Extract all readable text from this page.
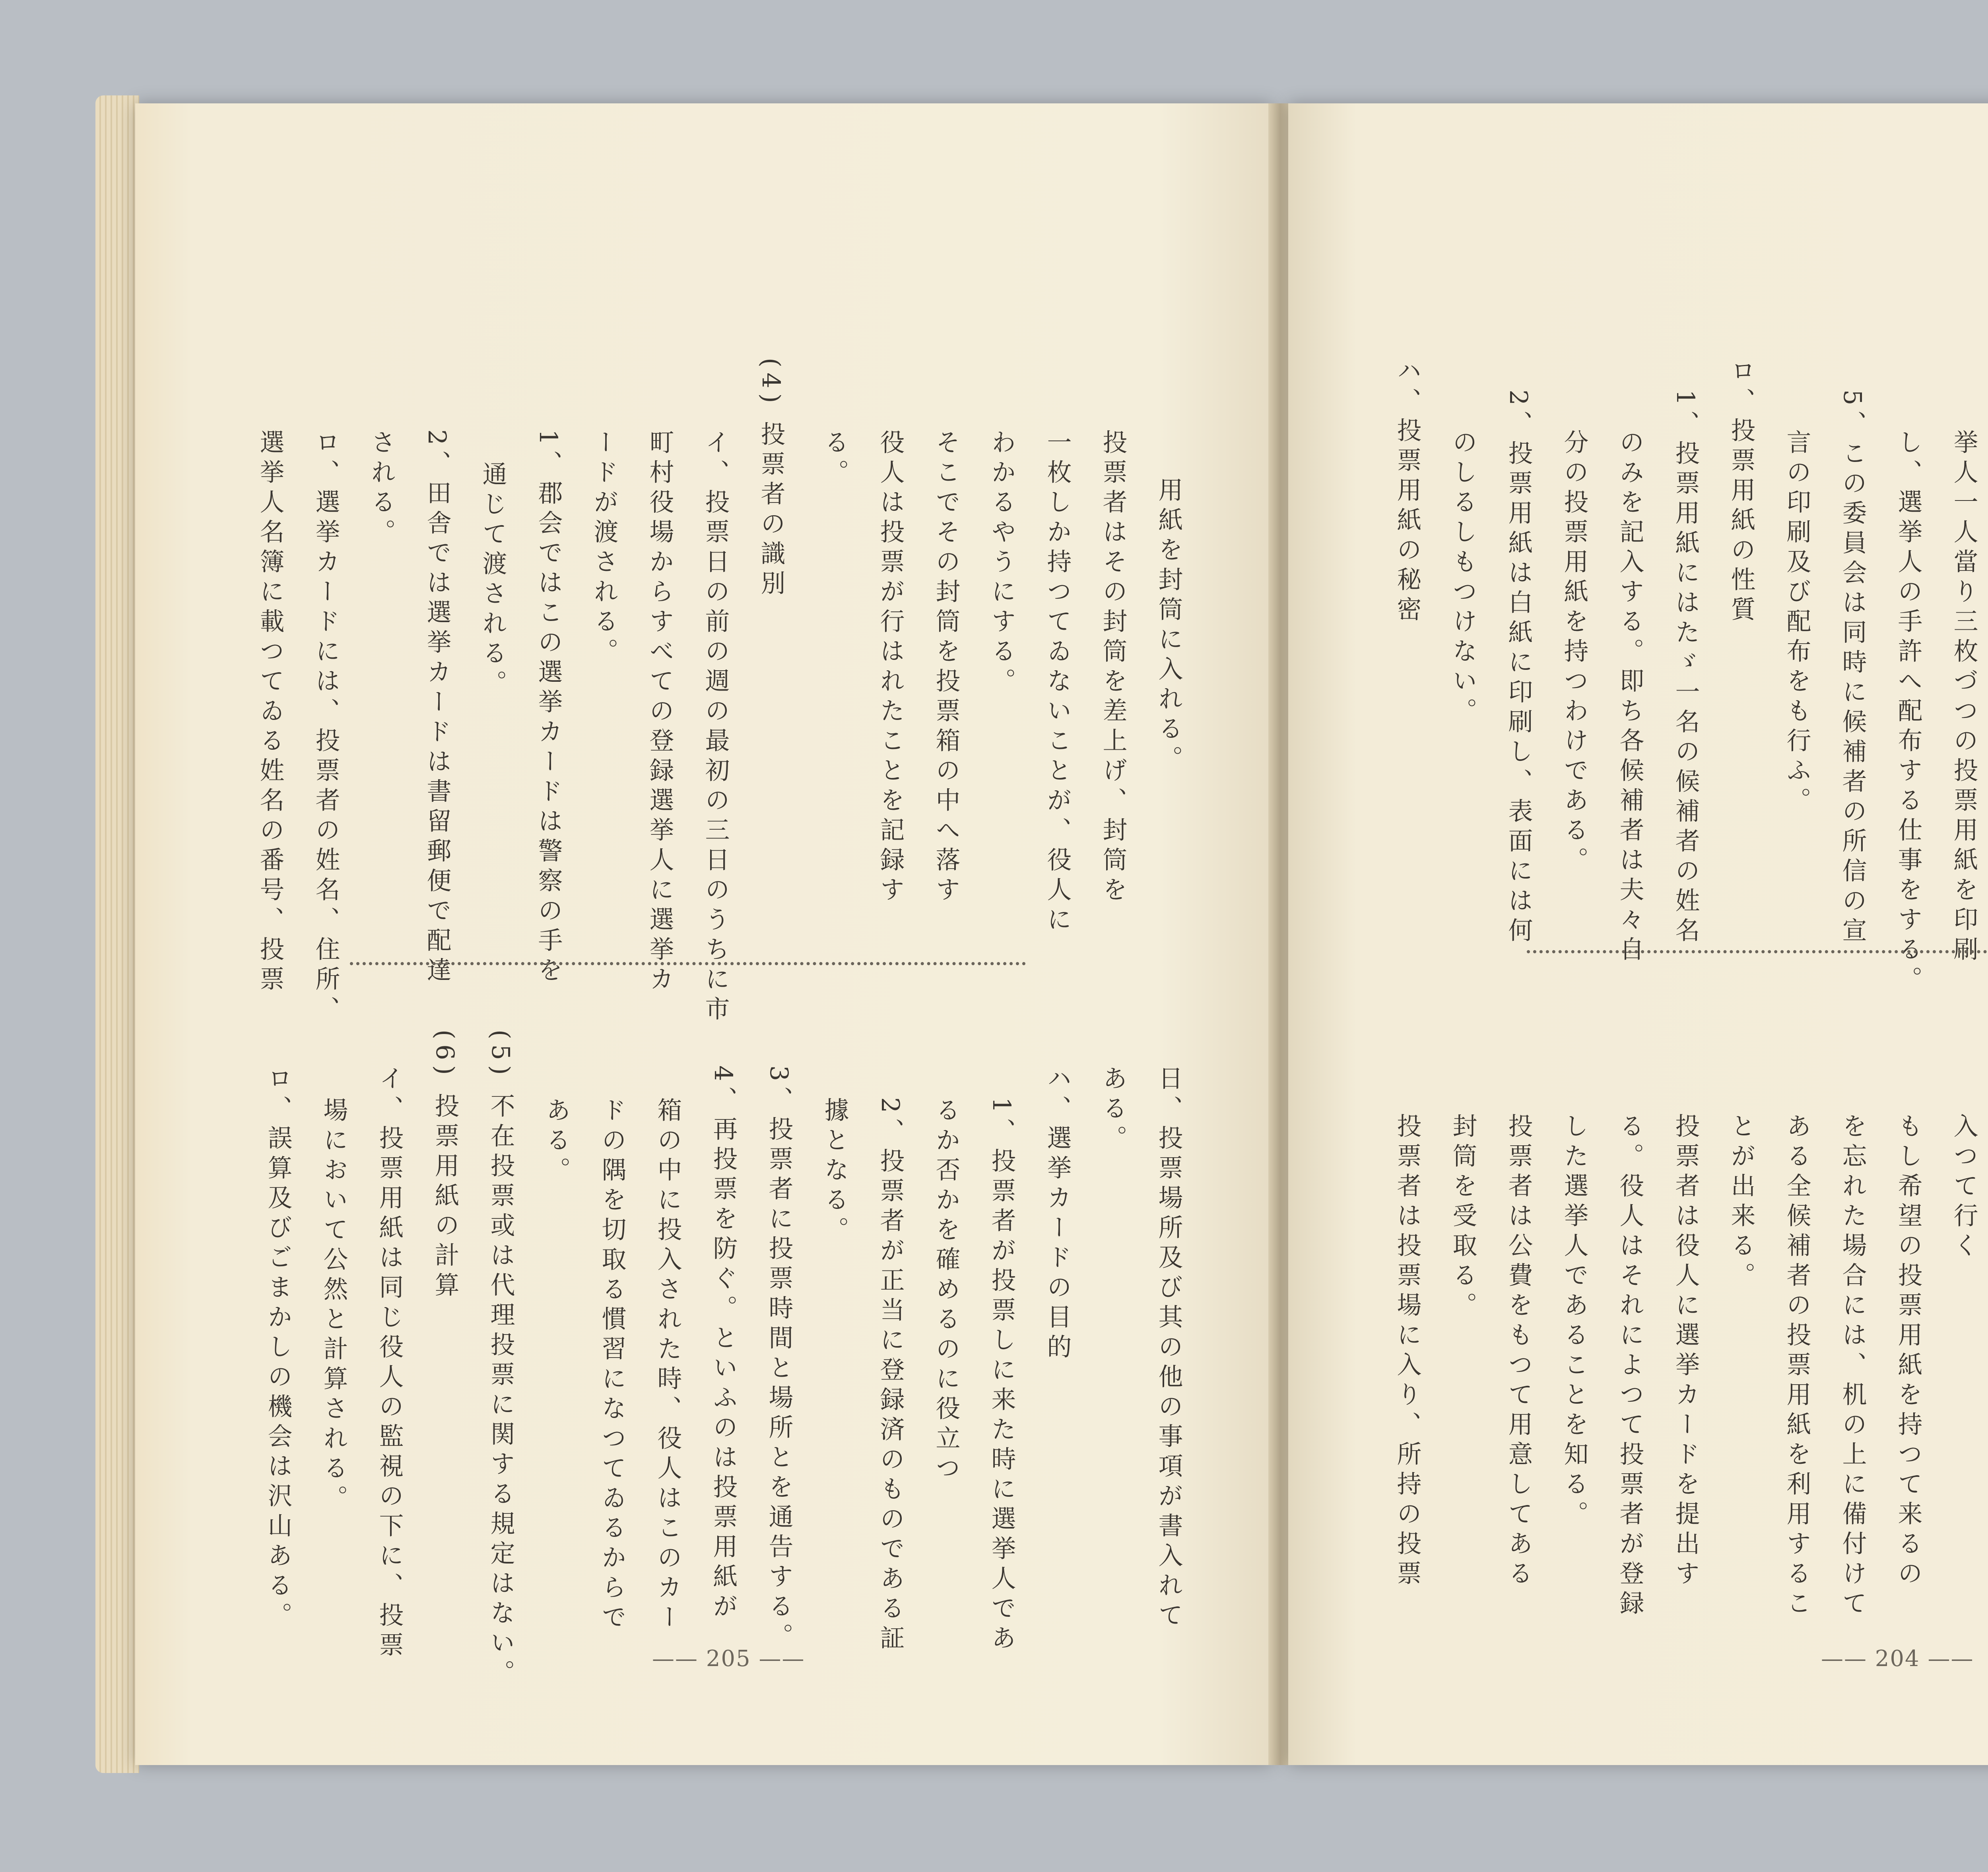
用紙を封筒に入れる。
投票者はその封筒を差上げ、封筒を
一枚しか持つてゐないことが、役人に
わかるやうにする。
そこでその封筒を投票箱の中へ落す
役人は投票が行はれたことを記録す
る。
(4) 投票者の識別
イ、投票日の前の週の最初の三日のうちに市
町村役場からすべての登録選挙人に選挙カ
ードが渡される。
1、郡会ではこの選挙カードは警察の手を
通じて渡される。
2、田舎では選挙カードは書留郵便で配達
される。
ロ、選挙カードには、投票者の姓名、住所、
選挙人名簿に載つてゐる姓名の番号、投票
日、投票場所及び其の他の事項が書入れて
ある。
ハ、選挙カードの目的
1、投票者が投票しに来た時に選挙人であ
るか否かを確めるのに役立つ
2、投票者が正当に登録済のものである証
據となる。
3、投票者に投票時間と場所とを通告する。
4、再投票を防ぐ。といふのは投票用紙が
箱の中に投入された時、役人はこのカー
ドの隅を切取る慣習になつてゐるからで
ある。
(5) 不在投票或は代理投票に関する規定はない。
(6) 投票用紙の計算
イ、投票用紙は同じ役人の監視の下に、投票
場において公然と計算される。
ロ、誤算及びごまかしの機会は沢山ある。
—— 205 ——
挙人一人當り三枚づつの投票用紙を印刷
し、選挙人の手許へ配布する仕事をする。
5、この委員会は同時に候補者の所信の宣
言の印刷及び配布をも行ふ。
ロ、投票用紙の性質
1、投票用紙にはたゞ一名の候補者の姓名
のみを記入する。即ち各候補者は夫々自
分の投票用紙を持つわけである。
2、投票用紙は白紙に印刷し、表面には何
のしるしもつけない。
ハ、投票用紙の秘密
入つて行く
もし希望の投票用紙を持つて来るの
を忘れた場合には、机の上に備付けて
ある全候補者の投票用紙を利用するこ
とが出来る。
投票者は役人に選挙カードを提出す
る。役人はそれによつて投票者が登録
した選挙人であることを知る。
投票者は公費をもつて用意してある
封筒を受取る。
投票者は投票場に入り、所持の投票
—— 204 ——
